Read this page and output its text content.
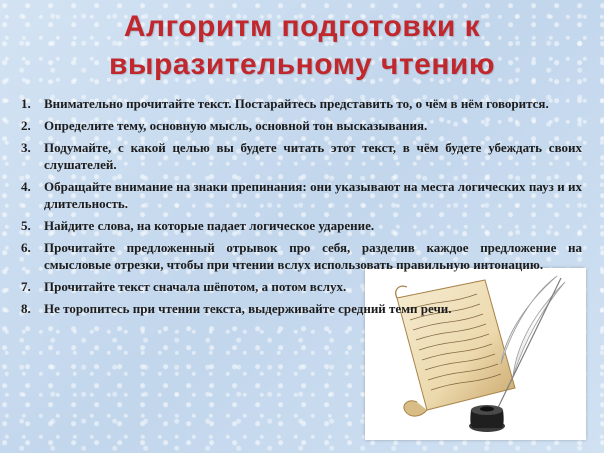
Алгоритм подготовки к
выразительному чтению
1. Внимательно прочитайте текст. Постарайтесь представить то, о чём в нём говорится.
2. Определите тему, основную мысль, основной тон высказывания.
3. Подумайте, с какой целью вы будете читать этот текст, в чём будете убеждать своих слушателей.
4. Обращайте внимание на знаки препинания: они указывают на места логических пауз и их длительность.
5. Найдите слова, на которые падает логическое ударение.
6. Прочитайте предложенный отрывок про себя, разделив каждое предложение на смысловые отрезки, чтобы при чтении вслух использовать правильную интонацию.
7. Прочитайте текст сначала шёпотом, а потом вслух.
8. Не торопитесь при чтении текста, выдерживайте средний темп речи.
